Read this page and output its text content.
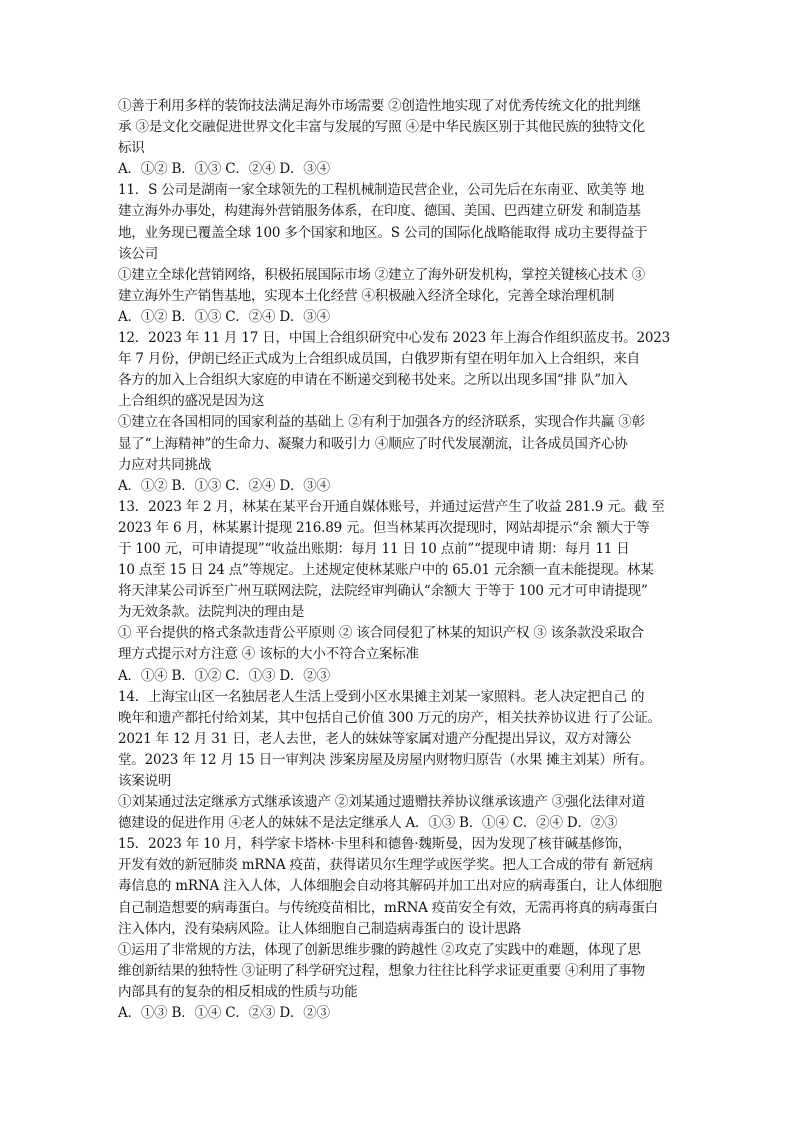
①善于利用多样的装饰技法满足海外市场需要 ②创造性地实现了对优秀传统文化的批判继
承 ③是文化交融促进世界文化丰富与发展的写照 ④是中华民族区别于其他民族的独特文化
标识
A．①② B．①③ C．②④ D．③④
11．S 公司是湖南一家全球领先的工程机械制造民营企业，公司先后在东南亚、欧美等 地
建立海外办事处，构建海外营销服务体系，在印度、德国、美国、巴西建立研发 和制造基
地，业务现已覆盖全球 100 多个国家和地区。S 公司的国际化战略能取得 成功主要得益于
该公司
①建立全球化营销网络，积极拓展国际市场 ②建立了海外研发机构，掌控关键核心技术 ③
建立海外生产销售基地，实现本土化经营 ④积极融入经济全球化，完善全球治理机制
A．①② B．①③ C．②④ D．③④
12．2023 年 11 月 17 日，中国上合组织研究中心发布 2023 年上海合作组织蓝皮书。2023
年 7 月份，伊朗已经正式成为上合组织成员国，白俄罗斯有望在明年加入上合组织，来自
各方的加入上合组织大家庭的申请在不断递交到秘书处来。之所以出现多国“排 队”加入
上合组织的盛况是因为这
①建立在各国相同的国家利益的基础上 ②有利于加强各方的经济联系，实现合作共赢 ③彰
显了“上海精神”的生命力、凝聚力和吸引力 ④顺应了时代发展潮流，让各成员国齐心协
力应对共同挑战
A．①② B．①③ C．②④ D．③④
13．2023 年 2 月，林某在某平台开通自媒体账号，并通过运营产生了收益 281.9 元。截 至
2023 年 6 月，林某累计提现 216.89 元。但当林某再次提现时，网站却提示“余 额大于等
于 100 元，可申请提现”“收益出账期：每月 11 日 10 点前”“提现申请 期：每月 11 日
10 点至 15 日 24 点”等规定。上述规定使林某账户中的 65.01 元余额一直未能提现。林某
将天津某公司诉至广州互联网法院，法院经审判确认“余额大 于等于 100 元才可申请提现”
为无效条款。法院判决的理由是
① 平台提供的格式条款违背公平原则 ② 该合同侵犯了林某的知识产权 ③ 该条款没采取合
理方式提示对方注意 ④ 该标的大小不符合立案标准
A．①④ B．①② C．①③ D．②③
14．上海宝山区一名独居老人生活上受到小区水果摊主刘某一家照料。老人决定把自己 的
晚年和遗产都托付给刘某，其中包括自己价值 300 万元的房产，相关扶养协议进 行了公证。
2021 年 12 月 31 日，老人去世，老人的妹妹等家属对遗产分配提出异议，双方对簿公
堂。2023 年 12 月 15 日一审判决 涉案房屋及房屋内财物归原告（水果 摊主刘某）所有。
该案说明
①刘某通过法定继承方式继承该遗产 ②刘某通过遗赠扶养协议继承该遗产 ③强化法律对道
德建设的促进作用 ④老人的妹妹不是法定继承人 A．①③ B．①④ C．②④ D．②③
15．2023 年 10 月，科学家卡塔林·卡里科和德鲁·魏斯曼，因为发现了核苷碱基修饰，
开发有效的新冠肺炎 mRNA 疫苗，获得诺贝尔生理学或医学奖。把人工合成的带有 新冠病
毒信息的 mRNA 注入人体，人体细胞会自动将其解码并加工出对应的病毒蛋白，让人体细胞
自己制造想要的病毒蛋白。与传统疫苗相比，mRNA 疫苗安全有效，无需再将真的病毒蛋白
注入体内，没有染病风险。让人体细胞自己制造病毒蛋白的 设计思路
①运用了非常规的方法，体现了创新思维步骤的跨越性 ②攻克了实践中的难题，体现了思
维创新结果的独特性 ③证明了科学研究过程，想象力往往比科学求证更重要 ④利用了事物
内部具有的复杂的相反相成的性质与功能
A．①③ B．①④ C．②③ D．②③
